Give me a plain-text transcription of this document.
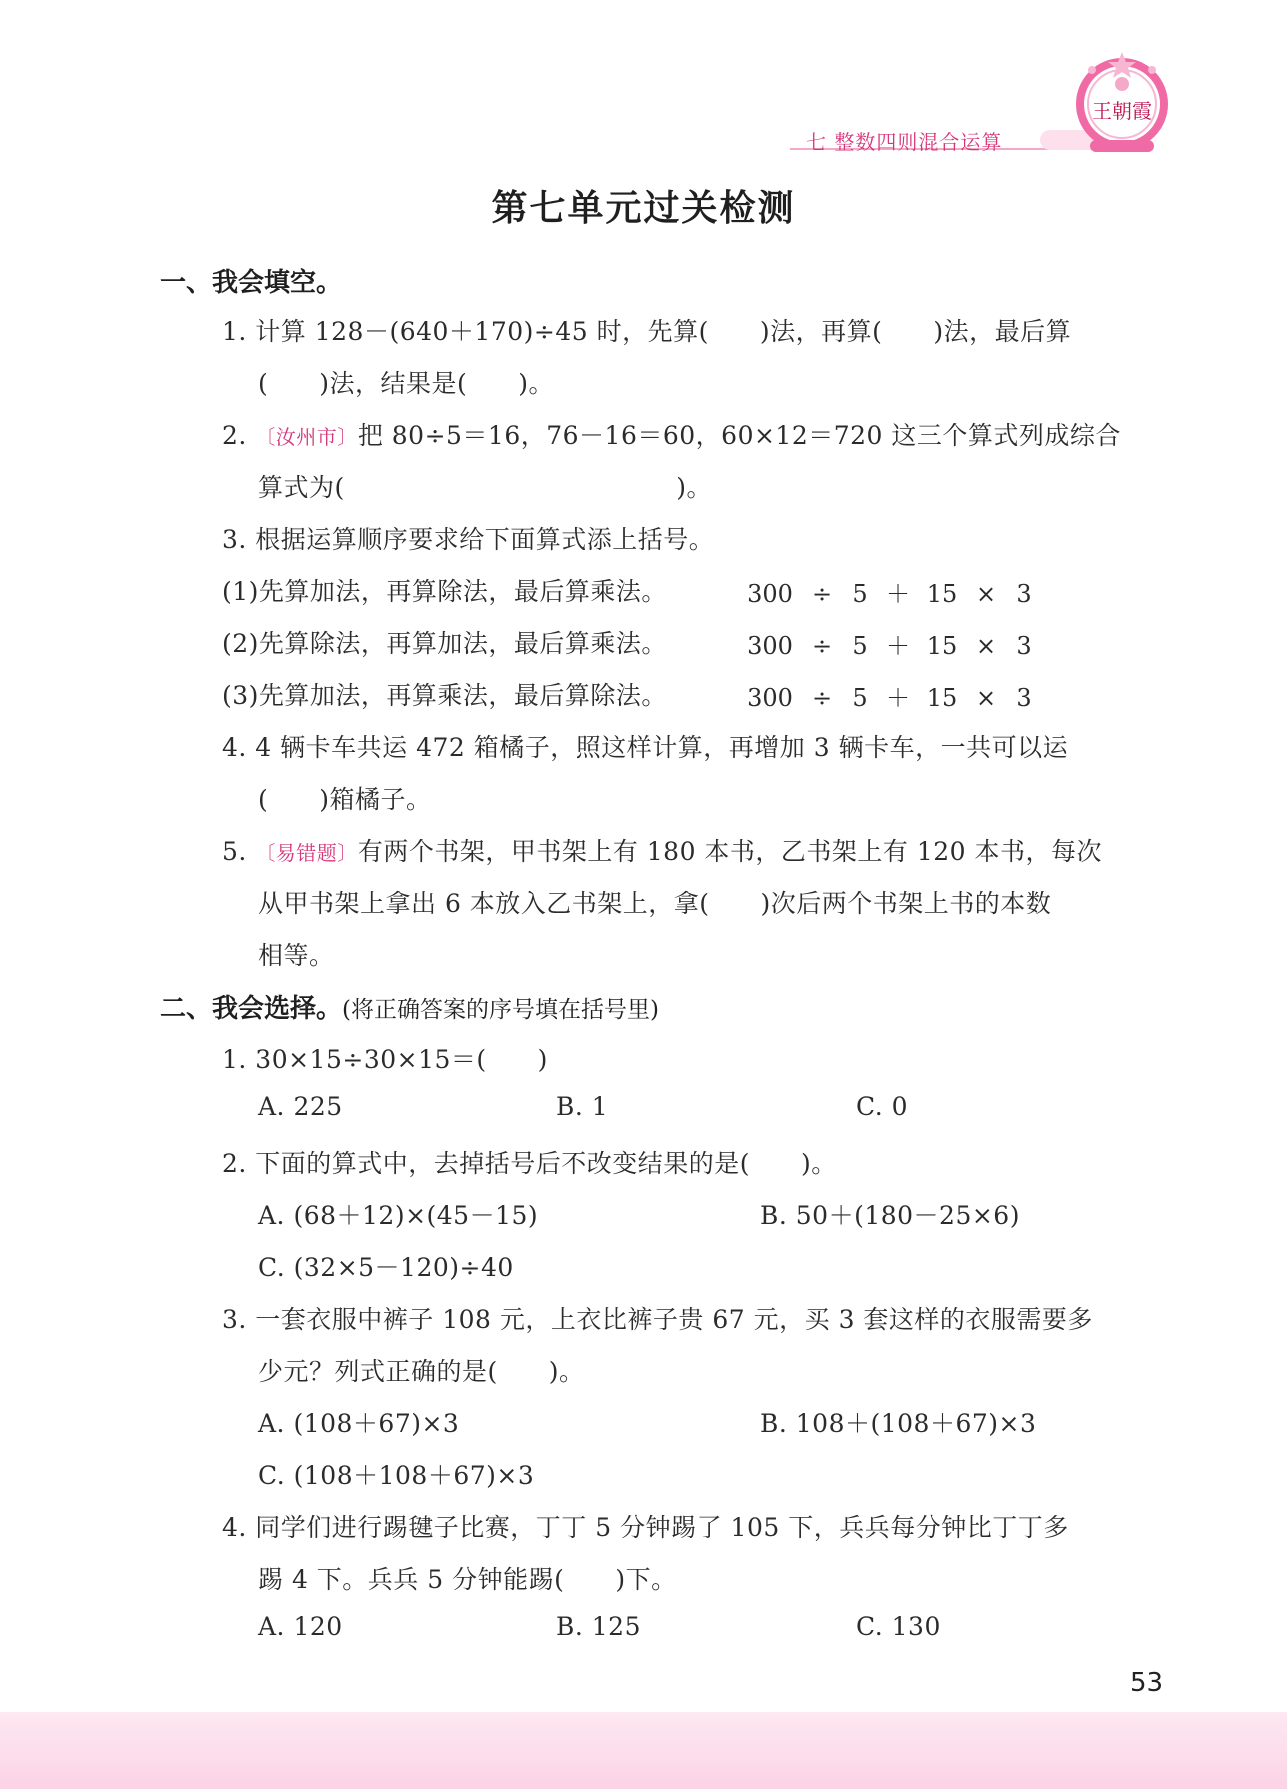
七 整数四则混合运算
王朝霞
第七单元过关检测
一、我会填空。
1. 计算 128－(640＋170)÷45 时，先算(　　)法，再算(　　)法，最后算
(　　)法，结果是(　　)。
2. 〔汝州市〕把 80÷5＝16，76－16＝60，60×12＝720 这三个算式列成综合
算式为(　　　　　　　　　　　　　)。
3. 根据运算顺序要求给下面算式添上括号。
(1)先算加法，再算除法，最后算乘法。	300 ÷ 5 ＋ 15 × 3
(2)先算除法，再算加法，最后算乘法。	300 ÷ 5 ＋ 15 × 3
(3)先算加法，再算乘法，最后算除法。	300 ÷ 5 ＋ 15 × 3
4. 4 辆卡车共运 472 箱橘子，照这样计算，再增加 3 辆卡车，一共可以运
(　　)箱橘子。
5. 〔易错题〕有两个书架，甲书架上有 180 本书，乙书架上有 120 本书，每次
从甲书架上拿出 6 本放入乙书架上，拿(　　)次后两个书架上书的本数
相等。
二、我会选择。(将正确答案的序号填在括号里)
1. 30×15÷30×15＝(　　)
A. 225	B. 1	C. 0
2. 下面的算式中，去掉括号后不改变结果的是(　　)。
A. (68＋12)×(45－15)	B. 50＋(180－25×6)
C. (32×5－120)÷40
3. 一套衣服中裤子 108 元，上衣比裤子贵 67 元，买 3 套这样的衣服需要多
少元？列式正确的是(　　)。
A. (108＋67)×3	B. 108＋(108＋67)×3
C. (108＋108＋67)×3
4. 同学们进行踢毽子比赛，丁丁 5 分钟踢了 105 下，兵兵每分钟比丁丁多
踢 4 下。兵兵 5 分钟能踢(　　)下。
A. 120	B. 125	C. 130
53
